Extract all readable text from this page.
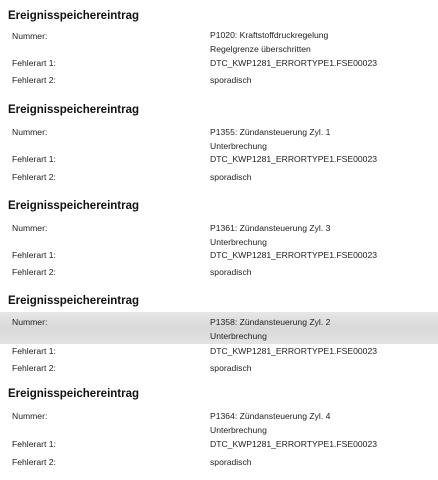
Ereignisspeichereintrag
Nummer:	P1020: Kraftstoffdruckregelung
Regelgrenze überschritten
Fehlerart 1:	DTC_KWP1281_ERRORTYPE1.FSE00023
Fehlerart 2:	sporadisch
Ereignisspeichereintrag
Nummer:	P1355: Zündansteuerung Zyl. 1
Unterbrechung
Fehlerart 1:	DTC_KWP1281_ERRORTYPE1.FSE00023
Fehlerart 2:	sporadisch
Ereignisspeichereintrag
Nummer:	P1361: Zündansteuerung Zyl. 3
Unterbrechung
Fehlerart 1:	DTC_KWP1281_ERRORTYPE1.FSE00023
Fehlerart 2:	sporadisch
Ereignisspeichereintrag
Nummer:	P1358: Zündansteuerung Zyl. 2
Unterbrechung
Fehlerart 1:	DTC_KWP1281_ERRORTYPE1.FSE00023
Fehlerart 2:	sporadisch
Ereignisspeichereintrag
Nummer:	P1364: Zündansteuerung Zyl. 4
Unterbrechung
Fehlerart 1:	DTC_KWP1281_ERRORTYPE1.FSE00023
Fehlerart 2:	sporadisch
